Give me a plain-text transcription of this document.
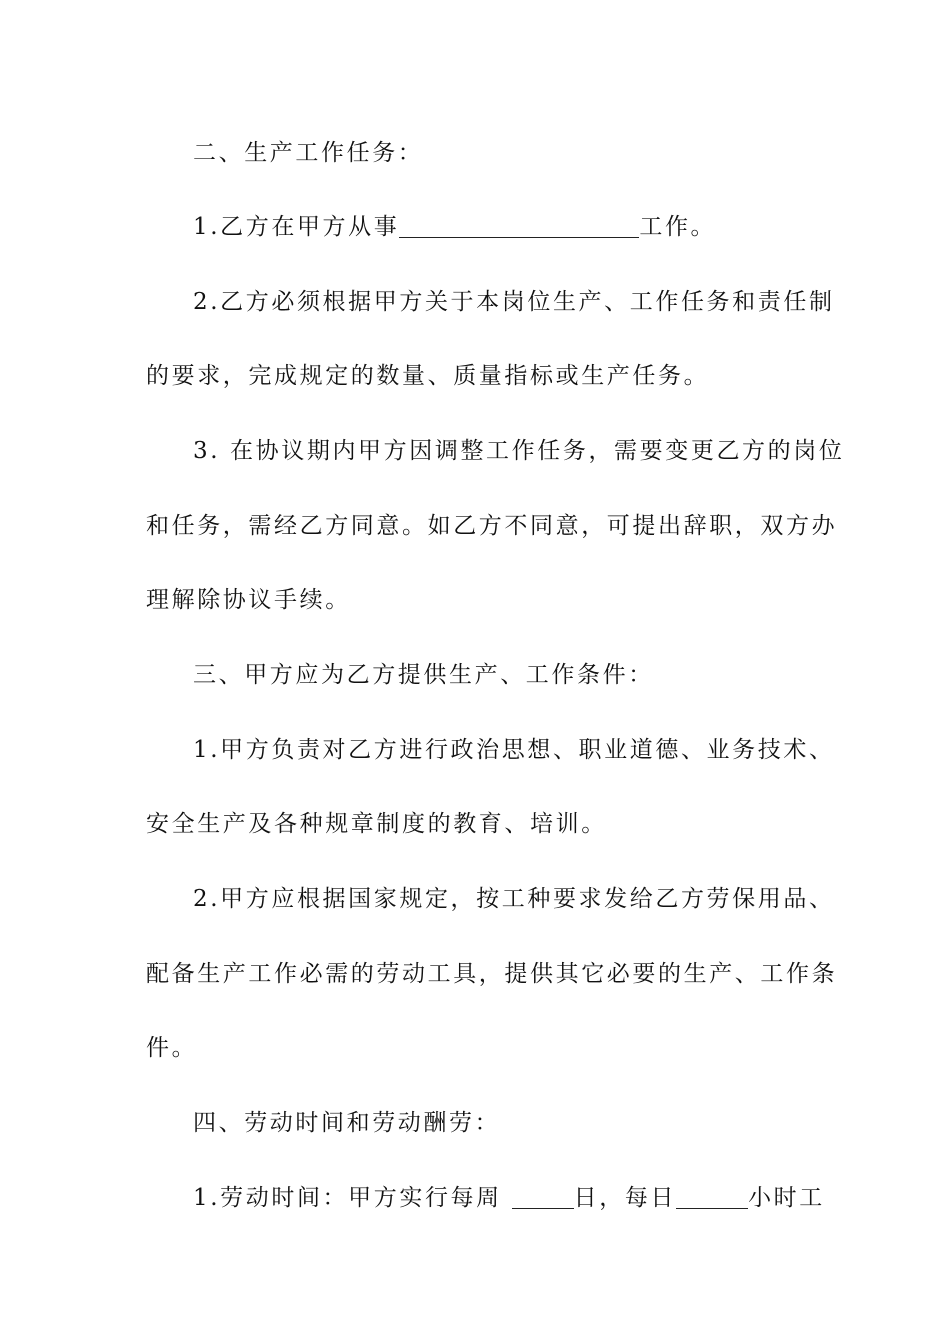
二、生产工作任务：
1.乙方在甲方从事	工作。
2.乙方必须根据甲方关于本岗位生产、工作任务和责任制
的要求，完成规定的数量、质量指标或生产任务。
3. 在协议期内甲方因调整工作任务，需要变更乙方的岗位
和任务，需经乙方同意。如乙方不同意，可提出辞职，双方办
理解除协议手续。
三、甲方应为乙方提供生产、工作条件：
1.甲方负责对乙方进行政治思想、职业道德、业务技术、
安全生产及各种规章制度的教育、培训。
2.甲方应根据国家规定，按工种要求发给乙方劳保用品、
配备生产工作必需的劳动工具，提供其它必要的生产、工作条
件。
四、劳动时间和劳动酬劳：
1.劳动时间：甲方实行每周	日，每日	小时工
